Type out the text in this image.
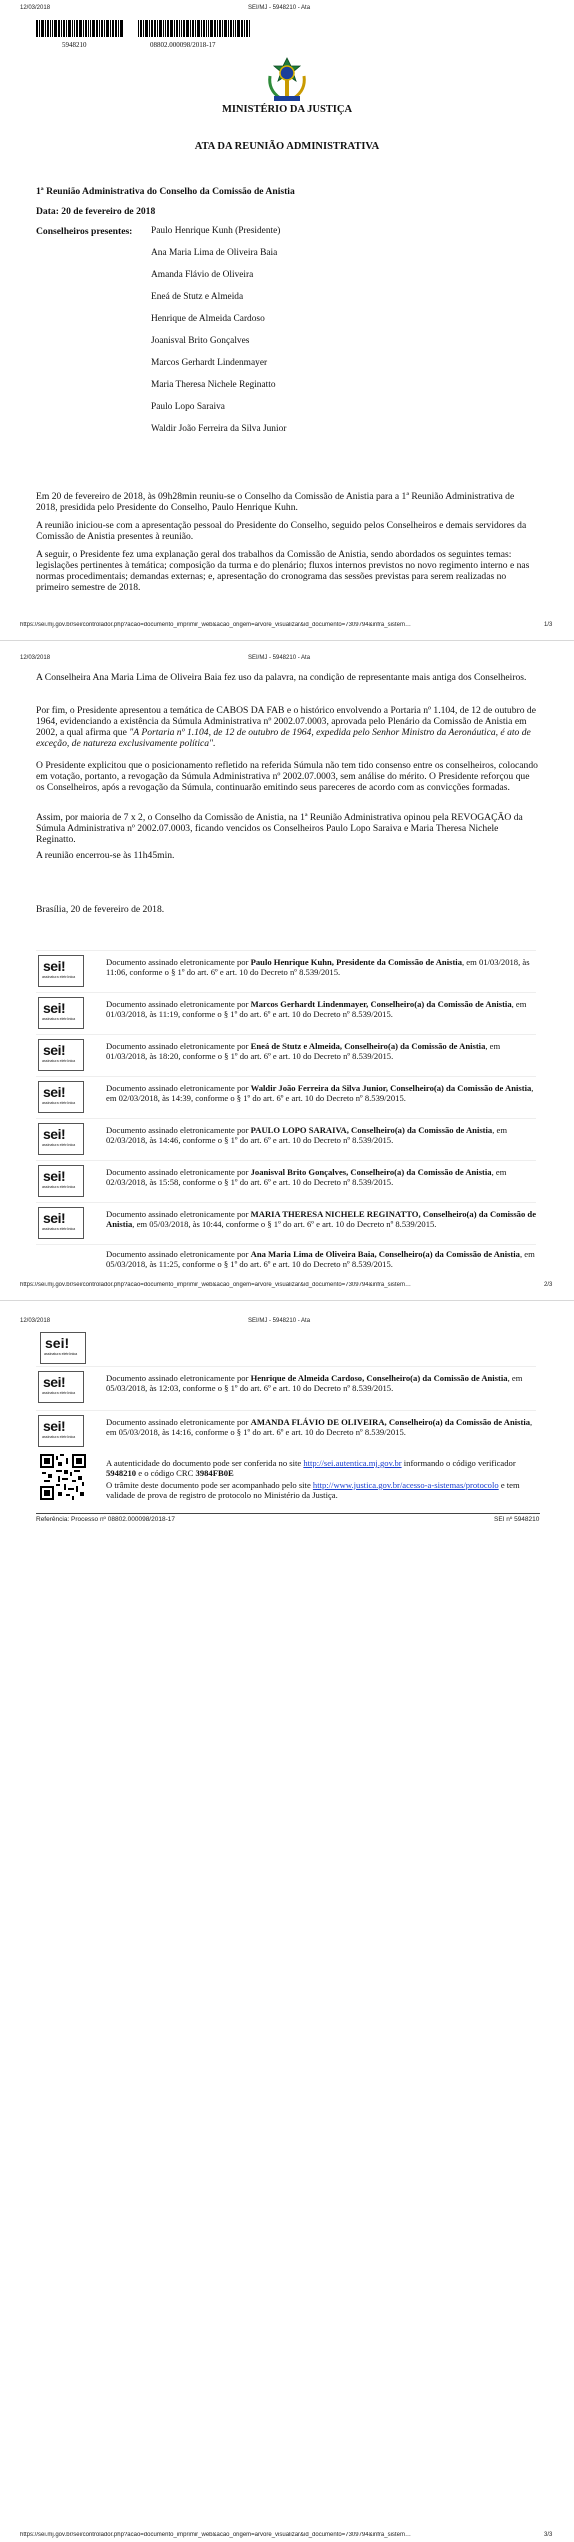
12/03/2018	SEI/MJ - 5948210 - Ata
5948210	08802.000098/2018-17
MINISTÉRIO DA JUSTIÇA
ATA DA REUNIÃO ADMINISTRATIVA
1ª Reunião Administrativa do Conselho da Comissão de Anistia
Data: 20 de fevereiro de 2018
Conselheiros presentes: Paulo Henrique Kunh (Presidente)
Ana Maria Lima de Oliveira Baia
Amanda Flávio de Oliveira
Eneá de Stutz e Almeida
Henrique de Almeida Cardoso
Joanisval Brito Gonçalves
Marcos Gerhardt Lindenmayer
Maria Theresa Nichele Reginatto
Paulo Lopo Saraiva
Waldir João Ferreira da Silva Junior
Em 20 de fevereiro de 2018, às 09h28min reuniu-se o Conselho da Comissão de Anistia para a 1ª Reunião Administrativa de 2018, presidida pelo Presidente do Conselho, Paulo Henrique Kuhn.
A reunião iniciou-se com a apresentação pessoal do Presidente do Conselho, seguido pelos Conselheiros e demais servidores da Comissão de Anistia presentes à reunião.
A seguir, o Presidente fez uma explanação geral dos trabalhos da Comissão de Anistia, sendo abordados os seguintes temas: legislações pertinentes à temática; composição da turma e do plenário; fluxos internos previstos no novo regimento interno e nas normas procedimentais; demandas externas; e, apresentação do cronograma das sessões previstas para serem realizadas no primeiro semestre de 2018.
https://sei.mj.gov.br/sei/controlador.php?acao=documento_imprimir_web&acao_origem=arvore_visualizar&id_documento=7309794&infra_sistem…	1/3
12/03/2018	SEI/MJ - 5948210 - Ata
A Conselheira Ana Maria Lima de Oliveira Baia fez uso da palavra, na condição de representante mais antiga dos Conselheiros.
Por fim, o Presidente apresentou a temática de CABOS DA FAB e o histórico envolvendo a Portaria nº 1.104, de 12 de outubro de 1964, evidenciando a existência da Súmula Administrativa nº 2002.07.0003, aprovada pelo Plenário da Comissão de Anistia em 2002, a qual afirma que "A Portaria nº 1.104, de 12 de outubro de 1964, expedida pelo Senhor Ministro da Aeronáutica, é ato de exceção, de natureza exclusivamente política".
O Presidente explicitou que o posicionamento refletido na referida Súmula não tem tido consenso entre os conselheiros, colocando em votação, portanto, a revogação da Súmula Administrativa nº 2002.07.0003, sem análise do mérito. O Presidente reforçou que os Conselheiros, após a revogação da Súmula, continuarão emitindo seus pareceres de acordo com as convicções formadas.
Assim, por maioria de 7 x 2, o Conselho da Comissão de Anistia, na 1ª Reunião Administrativa opinou pela REVOGAÇÃO da Súmula Administrativa nº 2002.07.0003, ficando vencidos os Conselheiros Paulo Lopo Saraiva e Maria Theresa Nichele Reginatto.
A reunião encerrou-se às 11h45min.
Brasília, 20 de fevereiro de 2018.
sei!
assinatura eletrônica
Documento assinado eletronicamente por Paulo Henrique Kuhn, Presidente da Comissão de Anistia, em 01/03/2018, às 11:06, conforme o § 1º do art. 6º e art. 10 do Decreto nº 8.539/2015.
sei!
assinatura eletrônica
Documento assinado eletronicamente por Marcos Gerhardt Lindenmayer, Conselheiro(a) da Comissão de Anistia, em 01/03/2018, às 11:19, conforme o § 1º do art. 6º e art. 10 do Decreto nº 8.539/2015.
sei!
assinatura eletrônica
Documento assinado eletronicamente por Eneá de Stutz e Almeida, Conselheiro(a) da Comissão de Anistia, em 01/03/2018, às 18:20, conforme o § 1º do art. 6º e art. 10 do Decreto nº 8.539/2015.
sei!
assinatura eletrônica
Documento assinado eletronicamente por Waldir João Ferreira da Silva Junior, Conselheiro(a) da Comissão de Anistia, em 02/03/2018, às 14:39, conforme o § 1º do art. 6º e art. 10 do Decreto nº 8.539/2015.
sei!
assinatura eletrônica
Documento assinado eletronicamente por PAULO LOPO SARAIVA, Conselheiro(a) da Comissão de Anistia, em 02/03/2018, às 14:46, conforme o § 1º do art. 6º e art. 10 do Decreto nº 8.539/2015.
sei!
assinatura eletrônica
Documento assinado eletronicamente por Joanisval Brito Gonçalves, Conselheiro(a) da Comissão de Anistia, em 02/03/2018, às 15:58, conforme o § 1º do art. 6º e art. 10 do Decreto nº 8.539/2015.
sei!
assinatura eletrônica
Documento assinado eletronicamente por MARIA THERESA NICHELE REGINATTO, Conselheiro(a) da Comissão de Anistia, em 05/03/2018, às 10:44, conforme o § 1º do art. 6º e art. 10 do Decreto nº 8.539/2015.
Documento assinado eletronicamente por Ana Maria Lima de Oliveira Baia, Conselheiro(a) da Comissão de Anistia, em 05/03/2018, às 11:25, conforme o § 1º do art. 6º e art. 10 do Decreto nº 8.539/2015.
https://sei.mj.gov.br/sei/controlador.php?acao=documento_imprimir_web&acao_origem=arvore_visualizar&id_documento=7309794&infra_sistem…	2/3
12/03/2018	SEI/MJ - 5948210 - Ata
sei!
assinatura eletrônica
sei!
assinatura eletrônica
Documento assinado eletronicamente por Henrique de Almeida Cardoso, Conselheiro(a) da Comissão de Anistia, em 05/03/2018, às 12:03, conforme o § 1º do art. 6º e art. 10 do Decreto nº 8.539/2015.
sei!
assinatura eletrônica
Documento assinado eletronicamente por AMANDA FLÁVIO DE OLIVEIRA, Conselheiro(a) da Comissão de Anistia, em 05/03/2018, às 14:16, conforme o § 1º do art. 6º e art. 10 do Decreto nº 8.539/2015.
A autenticidade do documento pode ser conferida no site http://sei.autentica.mj.gov.br informando o código verificador 5948210 e o código CRC 3984FB0E
O trâmite deste documento pode ser acompanhado pelo site http://www.justica.gov.br/acesso-a-sistemas/protocolo e tem validade de prova de registro de protocolo no Ministério da Justiça.
Referência: Processo nº 08802.000098/2018-17	SEI nº 5948210
https://sei.mj.gov.br/sei/controlador.php?acao=documento_imprimir_web&acao_origem=arvore_visualizar&id_documento=7309794&infra_sistem…	3/3
